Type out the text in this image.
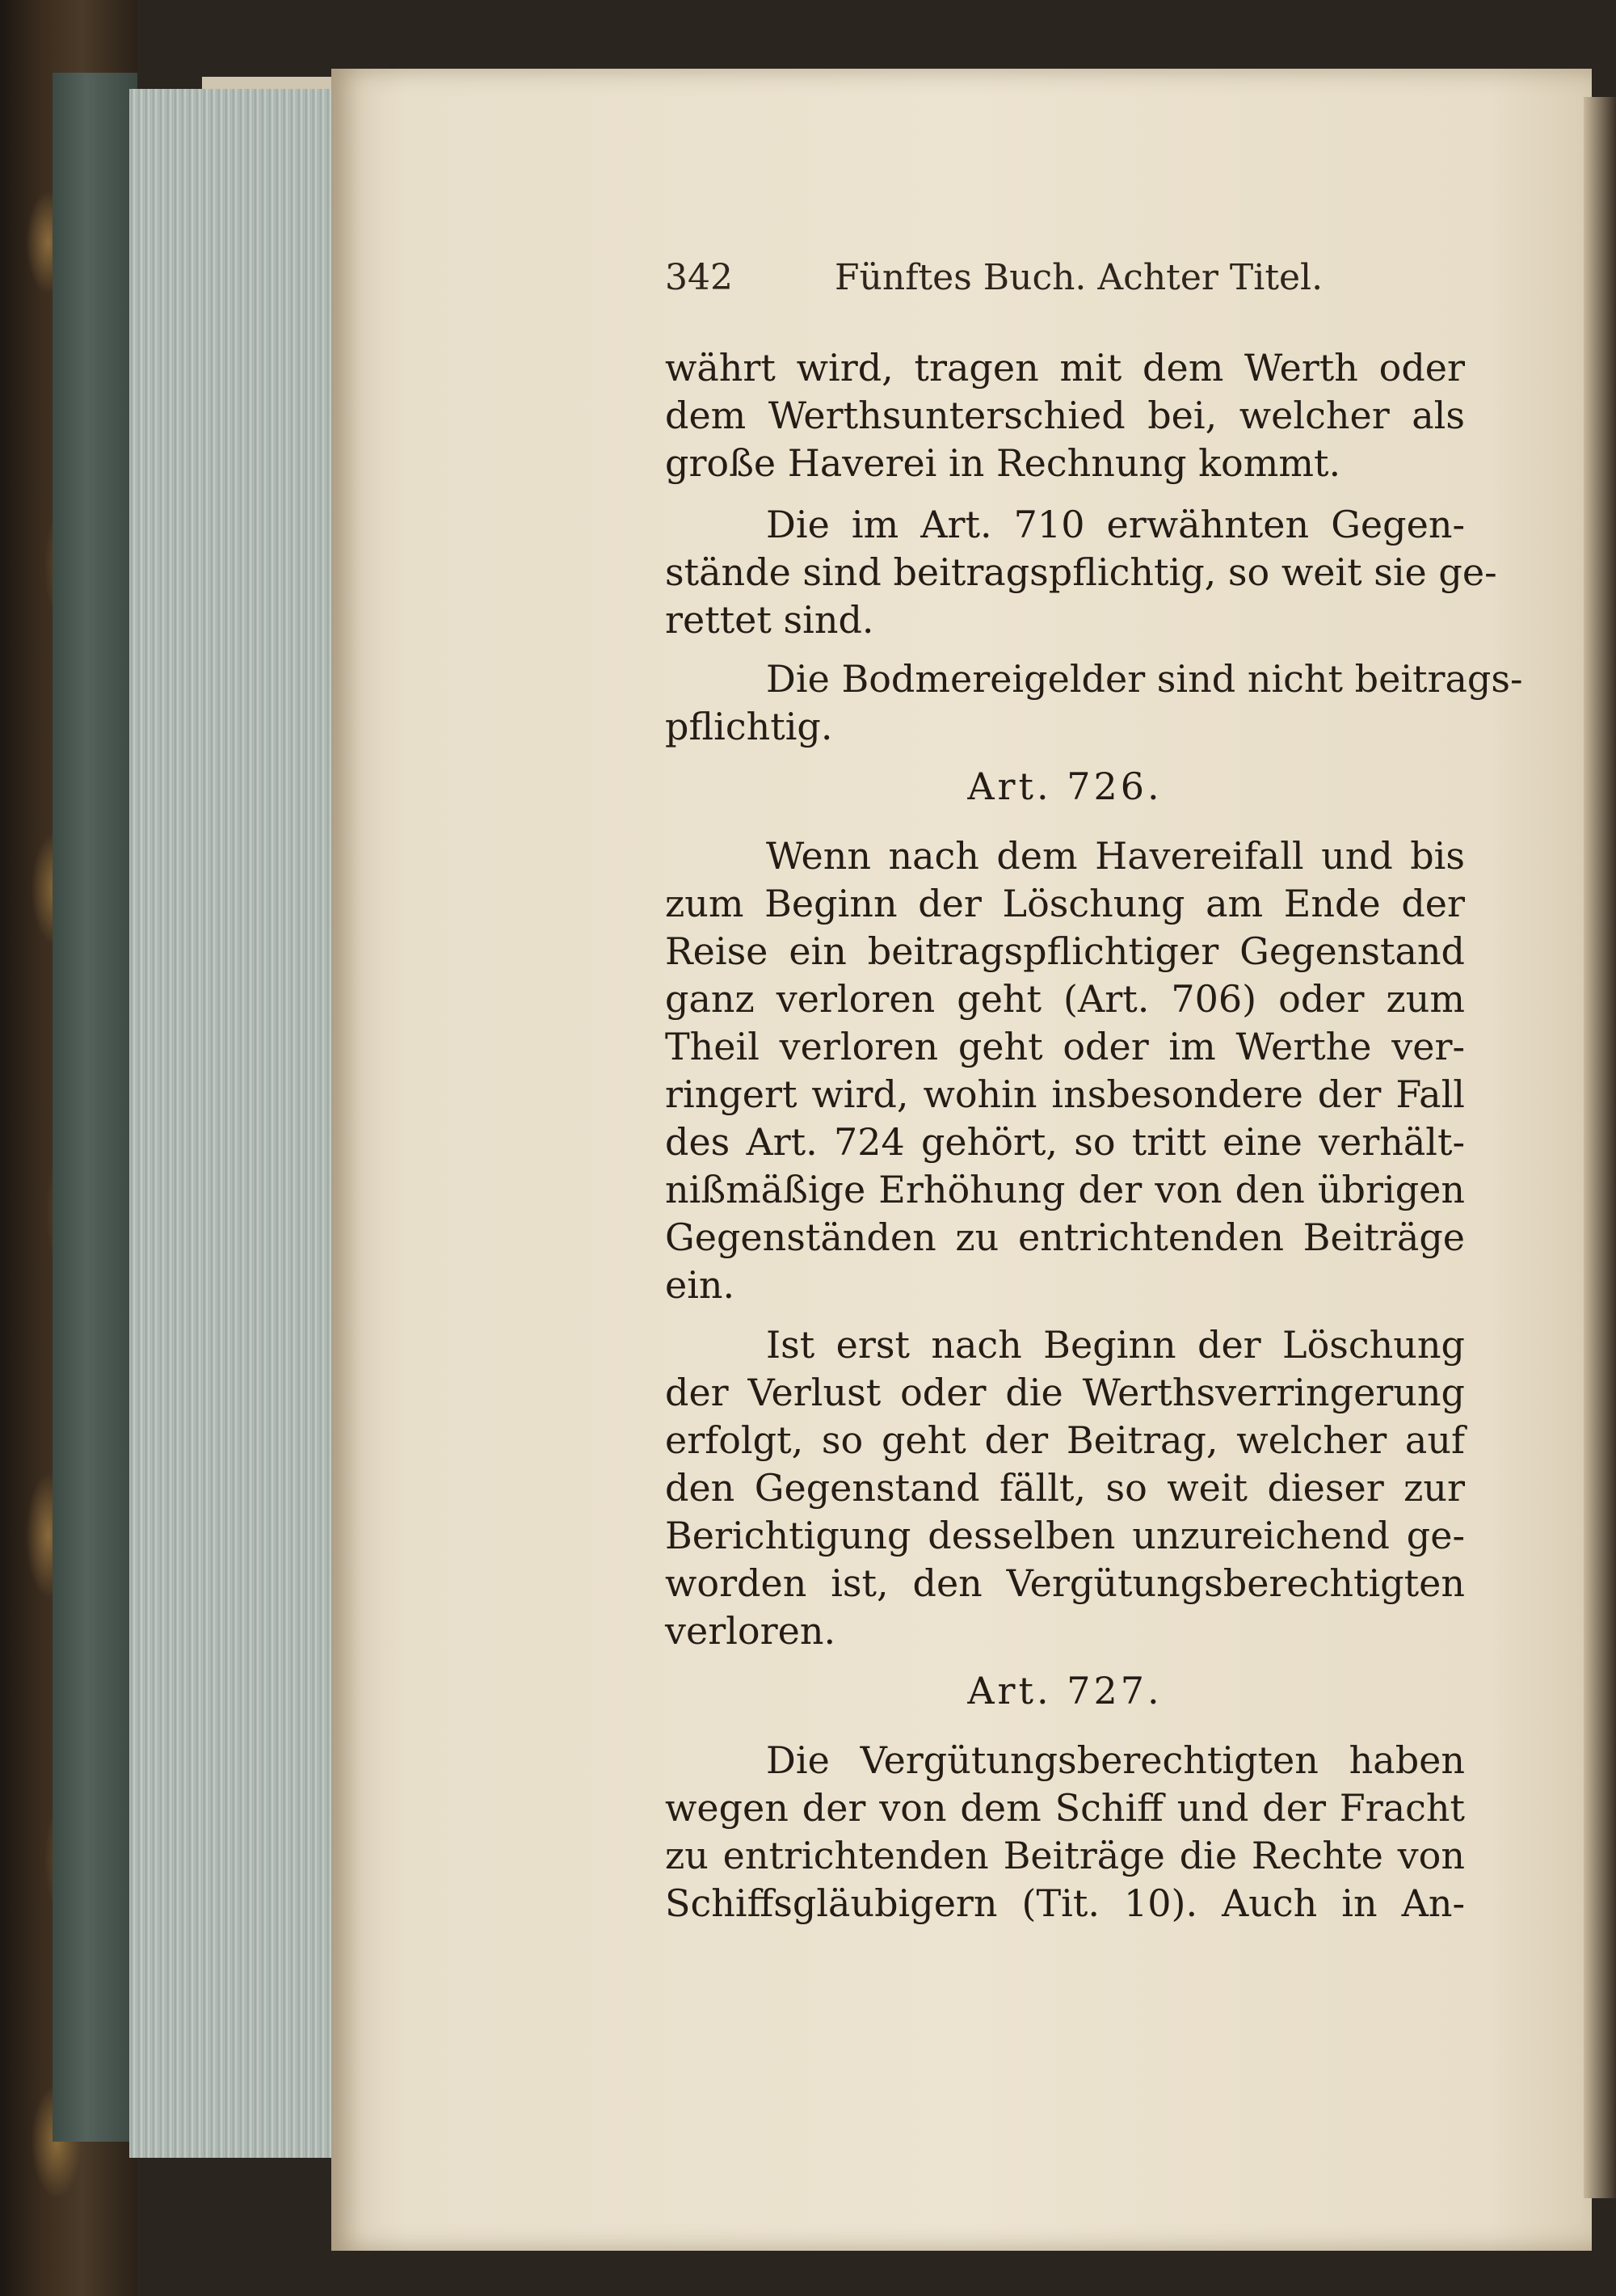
342	Fünftes Buch. Achter Titel.
währt wird, tragen mit dem Werth oder
dem Werthsunterschied bei, welcher als
große Haverei in Rechnung kommt.
Die im Art. 710 erwähnten Gegen-
stände sind beitragspflichtig, so weit sie ge-
rettet sind.
Die Bodmereigelder sind nicht beitrags-
pflichtig.
Art. 726.
Wenn nach dem Havereifall und bis
zum Beginn der Löschung am Ende der
Reise ein beitragspflichtiger Gegenstand
ganz verloren geht (Art. 706) oder zum
Theil verloren geht oder im Werthe ver-
ringert wird, wohin insbesondere der Fall
des Art. 724 gehört, so tritt eine verhält-
nißmäßige Erhöhung der von den übrigen
Gegenständen zu entrichtenden Beiträge
ein.
Ist erst nach Beginn der Löschung
der Verlust oder die Werthsverringerung
erfolgt, so geht der Beitrag, welcher auf
den Gegenstand fällt, so weit dieser zur
Berichtigung desselben unzureichend ge-
worden ist, den Vergütungsberechtigten
verloren.
Art. 727.
Die Vergütungsberechtigten haben
wegen der von dem Schiff und der Fracht
zu entrichtenden Beiträge die Rechte von
Schiffsgläubigern (Tit. 10). Auch in An-
